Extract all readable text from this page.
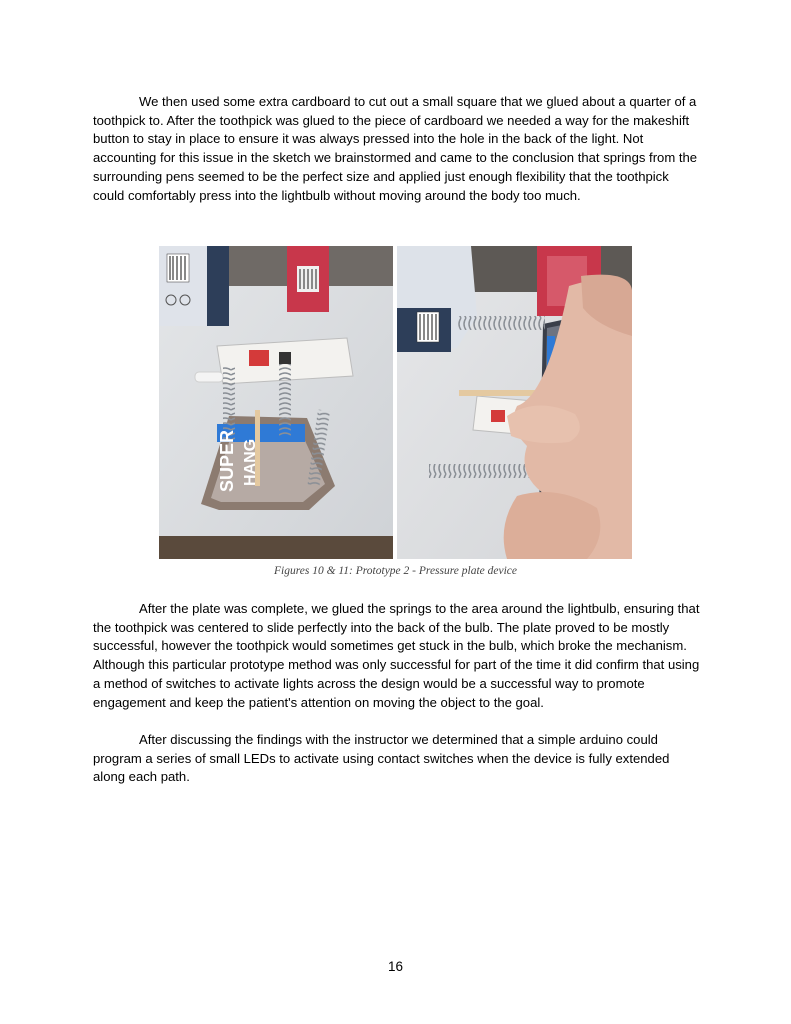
We then used some extra cardboard to cut out a small square that we glued about a quarter of a toothpick to. After the toothpick was glued to the piece of cardboard we needed a way for the makeshift button to stay in place to ensure it was always pressed into the hole in the back of the light. Not accounting for this issue in the sketch we brainstormed and came to the conclusion that springs from the surrounding pens seemed to be the perfect size and applied just enough flexibility that the toothpick could comfortably press into the lightbulb without moving around the body too much.

SUPER HANG
Figures 10 & 11: Prototype 2 - Pressure plate device

After the plate was complete, we glued the springs to the area around the lightbulb, ensuring that the toothpick was centered to slide perfectly into the back of the bulb. The plate proved to be mostly successful, however the toothpick would sometimes get stuck in the bulb, which broke the mechanism. Although this particular prototype method was only successful for part of the time it did confirm that using a method of switches to activate lights across the design would be a successful way to promote engagement and keep the patient's attention on moving the object to the goal.

After discussing the findings with the instructor we determined that a simple arduino could program a series of small LEDs to activate using contact switches when the device is fully extended along each path.

16
